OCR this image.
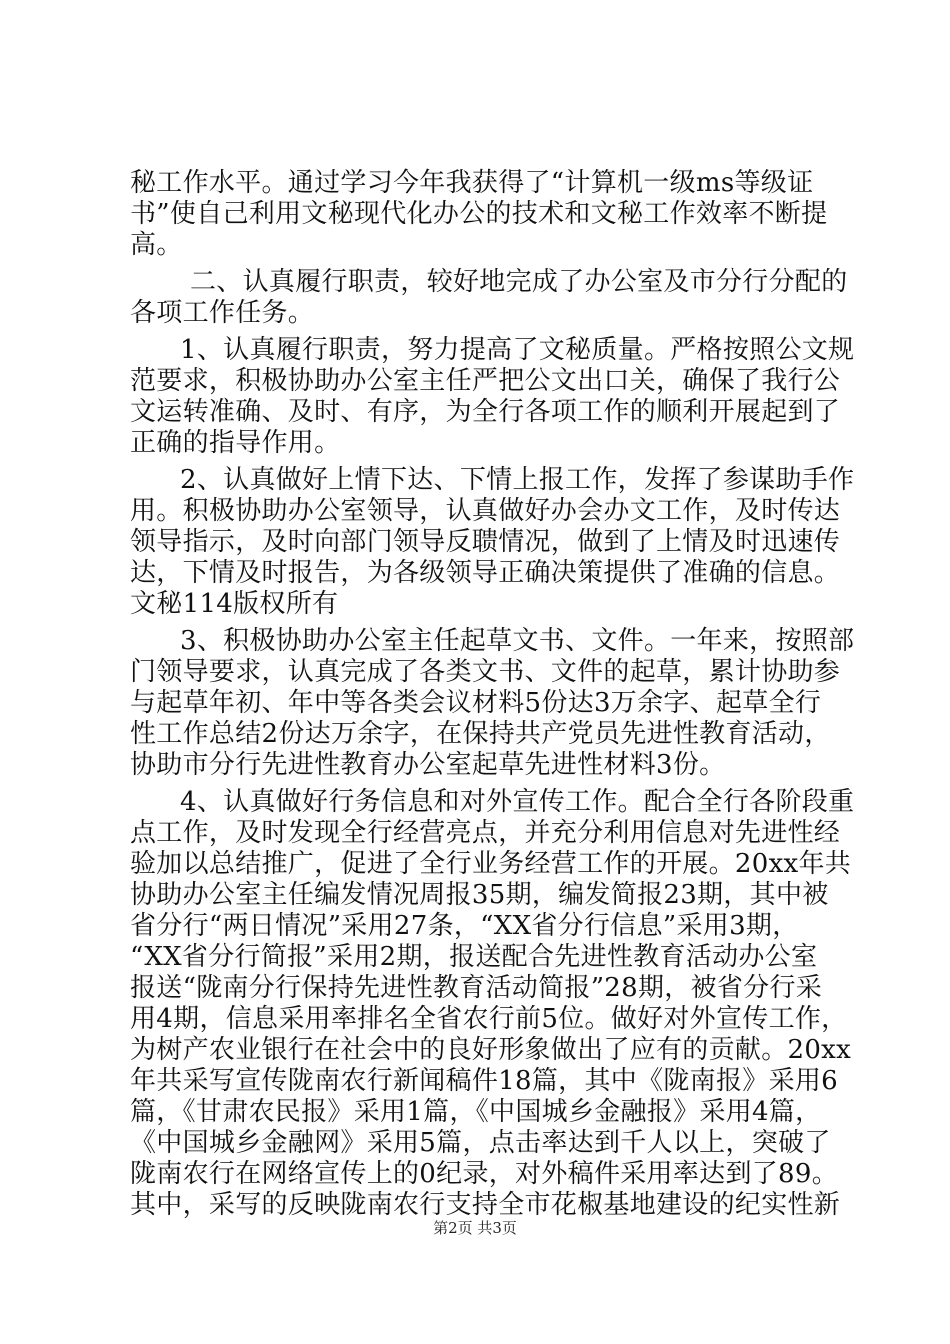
秘工作水平。通过学习今年我获得了“计算机一级ms等级证
书”使自己利用文秘现代化办公的技术和文秘工作效率不断提
高。
二、认真履行职责，较好地完成了办公室及市分行分配的
各项工作任务。
1、认真履行职责，努力提高了文秘质量。严格按照公文规
范要求，积极协助办公室主任严把公文出口关，确保了我行公
文运转准确、及时、有序，为全行各项工作的顺利开展起到了
正确的指导作用。
2、认真做好上情下达、下情上报工作，发挥了参谋助手作
用。积极协助办公室领导，认真做好办会办文工作，及时传达
领导指示，及时向部门领导反聩情况，做到了上情及时迅速传
达，下情及时报告，为各级领导正确决策提供了准确的信息。
文秘114版权所有
3、积极协助办公室主任起草文书、文件。一年来，按照部
门领导要求，认真完成了各类文书、文件的起草，累计协助参
与起草年初、年中等各类会议材料5份达3万余字、起草全行
性工作总结2份达万余字，在保持共产党员先进性教育活动，
协助市分行先进性教育办公室起草先进性材料3份。
4、认真做好行务信息和对外宣传工作。配合全行各阶段重
点工作，及时发现全行经营亮点，并充分利用信息对先进性经
验加以总结推广，促进了全行业务经营工作的开展。20xx年共
协助办公室主任编发情况周报35期，编发简报23期，其中被
省分行“两日情况”采用27条，“XX省分行信息”采用3期，
“XX省分行简报”采用2期，报送配合先进性教育活动办公室
报送“陇南分行保持先进性教育活动简报”28期，被省分行采
用4期，信息采用率排名全省农行前5位。做好对外宣传工作，
为树产农业银行在社会中的良好形象做出了应有的贡献。20xx
年共采写宣传陇南农行新闻稿件18篇，其中《陇南报》采用6
篇，《甘肃农民报》采用1篇，《中国城乡金融报》采用4篇，
《中国城乡金融网》采用5篇，点击率达到千人以上，突破了
陇南农行在网络宣传上的0纪录，对外稿件采用率达到了89。
其中，采写的反映陇南农行支持全市花椒基地建设的纪实性新
第2页 共3页
